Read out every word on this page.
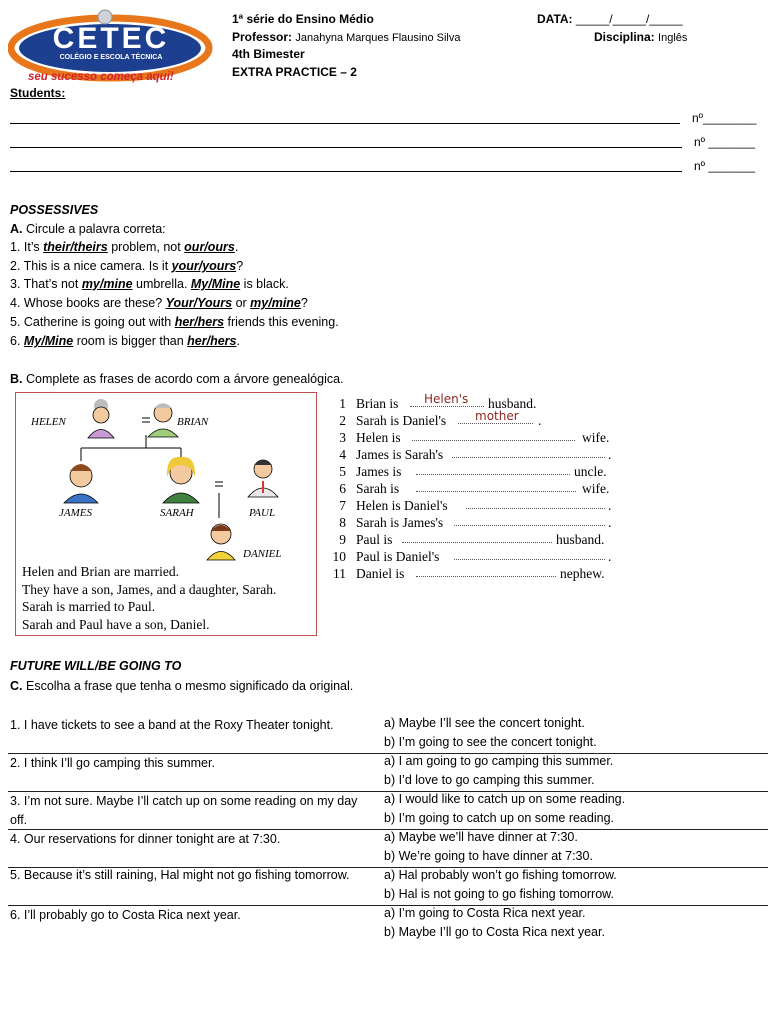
CETEC
COLÉGIO E ESCOLA TÉCNICA
seu sucesso começa aqui!
1ª série do Ensino Médio	DATA: _____/_____/_____
Professor: Janahyna Marques Flausino Silva	Disciplina: Inglês
4th Bimester
EXTRA PRACTICE – 2
Students:
nº________
nº _______
nº _______
POSSESSIVES
A. Circule a palavra correta:
1. It’s their/theirs problem, not our/ours.
2. This is a nice camera. Is it your/yours?
3. That’s not my/mine umbrella. My/Mine is black.
4. Whose books are these? Your/Yours or my/mine?
5. Catherine is going out with her/hers friends this evening.
6. My/Mine room is bigger than her/hers.
B. Complete as frases de acordo com a árvore genealógica.
HELEN	BRIAN
JAMES	SARAH	PAUL
DANIEL
Helen and Brian are married.
They have a son, James, and a daughter, Sarah.
Sarah is married to Paul.
Sarah and Paul have a son, Daniel.
1 Brian is Helen's husband.
2 Sarah is Daniel's mother .
3 Helen is	wife.
4 James is Sarah's	.
5 James is	uncle.
6 Sarah is	wife.
7 Helen is Daniel's	.
8 Sarah is James's	.
9 Paul is	husband.
10 Paul is Daniel's	.
11 Daniel is	nephew.
FUTURE WILL/BE GOING TO
C. Escolha a frase que tenha o mesmo significado da original.
1. I have tickets to see a band at the Roxy Theater tonight.	a) Maybe I’ll see the concert tonight.
b) I’m going to see the concert tonight.
2. I think I’ll go camping this summer.	a) I am going to go camping this summer.
b) I’d love to go camping this summer.
3. I’m not sure. Maybe I’ll catch up on some reading on my day off.
a) I would like to catch up on some reading.
b) I’m going to catch up on some reading.
4. Our reservations for dinner tonight are at 7:30.	a) Maybe we’ll have dinner at 7:30.
b) We’re going to have dinner at 7:30.
5. Because it’s still raining, Hal might not go fishing tomorrow.	a) Hal probably won’t go fishing tomorrow.
b) Hal is not going to go fishing tomorrow.
6. I’ll probably go to Costa Rica next year.	a) I’m going to Costa Rica next year.
b) Maybe I’ll go to Costa Rica next year.
